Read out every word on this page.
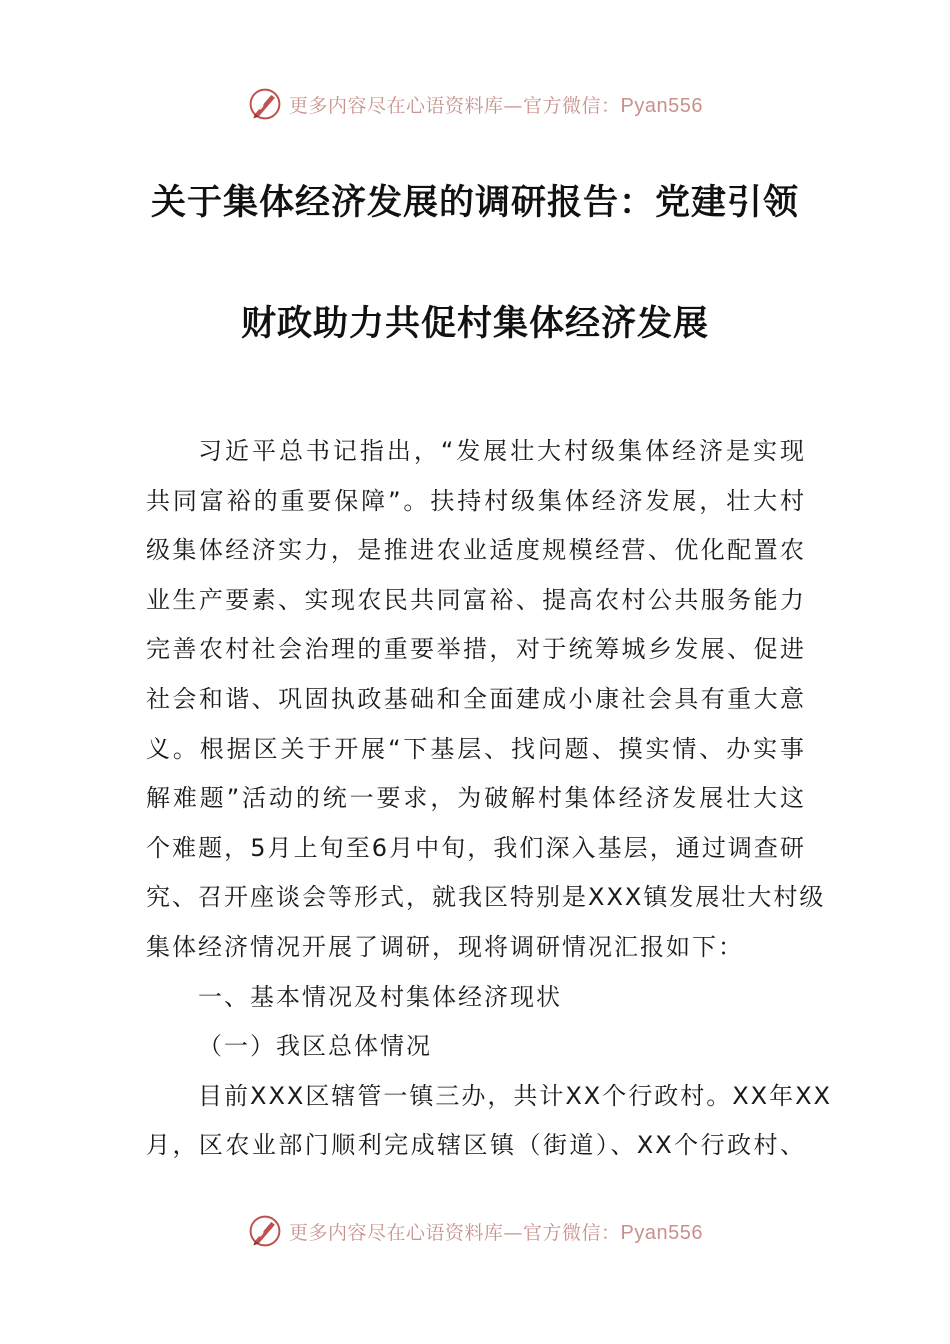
更多内容尽在心语资料库—官方微信：Pyan556
关于集体经济发展的调研报告：党建引领
财政助力共促村集体经济发展
习近平总书记指出，“发展壮大村级集体经济是实现
共同富裕的重要保障”。扶持村级集体经济发展，壮大村
级集体经济实力，是推进农业适度规模经营、优化配置农
业生产要素、实现农民共同富裕、提高农村公共服务能力
完善农村社会治理的重要举措，对于统筹城乡发展、促进
社会和谐、巩固执政基础和全面建成小康社会具有重大意
义。根据区关于开展“下基层、找问题、摸实情、办实事
解难题”活动的统一要求，为破解村集体经济发展壮大这
个难题，5月上旬至6月中旬，我们深入基层，通过调查研
究、召开座谈会等形式，就我区特别是XXX镇发展壮大村级
集体经济情况开展了调研，现将调研情况汇报如下：
一、基本情况及村集体经济现状
（一）我区总体情况
目前XXX区辖管一镇三办，共计XX个行政村。XX年XX
月，区农业部门顺利完成辖区镇（街道）、XX个行政村、
更多内容尽在心语资料库—官方微信：Pyan556
